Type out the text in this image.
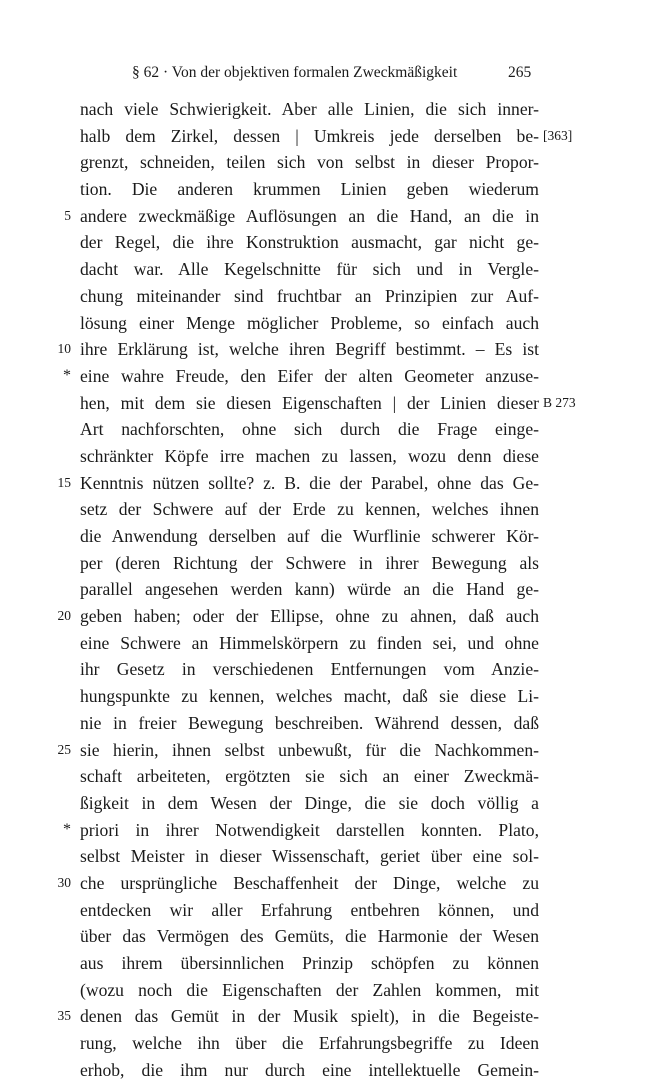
§ 62 · Von der objektiven formalen Zweckmäßigkeit	265
nach viele Schwierigkeit. Aber alle Linien, die sich inner-
halb dem Zirkel, dessen | Umkreis jede derselben be- [363]
grenzt, schneiden, teilen sich von selbst in dieser Propor-
tion. Die anderen krummen Linien geben wiederum
andere zweckmäßige Auflösungen an die Hand, an die in
5
der Regel, die ihre Konstruktion ausmacht, gar nicht ge-
dacht war. Alle Kegelschnitte für sich und in Vergle-
chung miteinander sind fruchtbar an Prinzipien zur Auf-
lösung einer Menge möglicher Probleme, so einfach auch
ihre Erklärung ist, welche ihren Begriff bestimmt. – Es ist
10
eine wahre Freude, den Eifer der alten Geometer anzuse-
*
hen, mit dem sie diesen Eigenschaften | der Linien dieser B 273
Art nachforschten, ohne sich durch die Frage einge-
schränkter Köpfe irre machen zu lassen, wozu denn diese
Kenntnis nützen sollte? z. B. die der Parabel, ohne das Ge-
15
setz der Schwere auf der Erde zu kennen, welches ihnen
die Anwendung derselben auf die Wurflinie schwerer Kör-
per (deren Richtung der Schwere in ihrer Bewegung als
parallel angesehen werden kann) würde an die Hand ge-
geben haben; oder der Ellipse, ohne zu ahnen, daß auch
20
eine Schwere an Himmelskörpern zu finden sei, und ohne
ihr Gesetz in verschiedenen Entfernungen vom Anzie-
hungspunkte zu kennen, welches macht, daß sie diese Li-
nie in freier Bewegung beschreiben. Während dessen, daß
sie hierin, ihnen selbst unbewußt, für die Nachkommen-
25
schaft arbeiteten, ergötzten sie sich an einer Zweckmä-
ßigkeit in dem Wesen der Dinge, die sie doch völlig a
priori in ihrer Notwendigkeit darstellen konnten. Plato,
*
selbst Meister in dieser Wissenschaft, geriet über eine sol-
che ursprüngliche Beschaffenheit der Dinge, welche zu
30
entdecken wir aller Erfahrung entbehren können, und
über das Vermögen des Gemüts, die Harmonie der Wesen
aus ihrem übersinnlichen Prinzip schöpfen zu können
(wozu noch die Eigenschaften der Zahlen kommen, mit
denen das Gemüt in der Musik spielt), in die Begeiste-
35
rung, welche ihn über die Erfahrungsbegriffe zu Ideen
erhob, die ihm nur durch eine intellektuelle Gemein-
